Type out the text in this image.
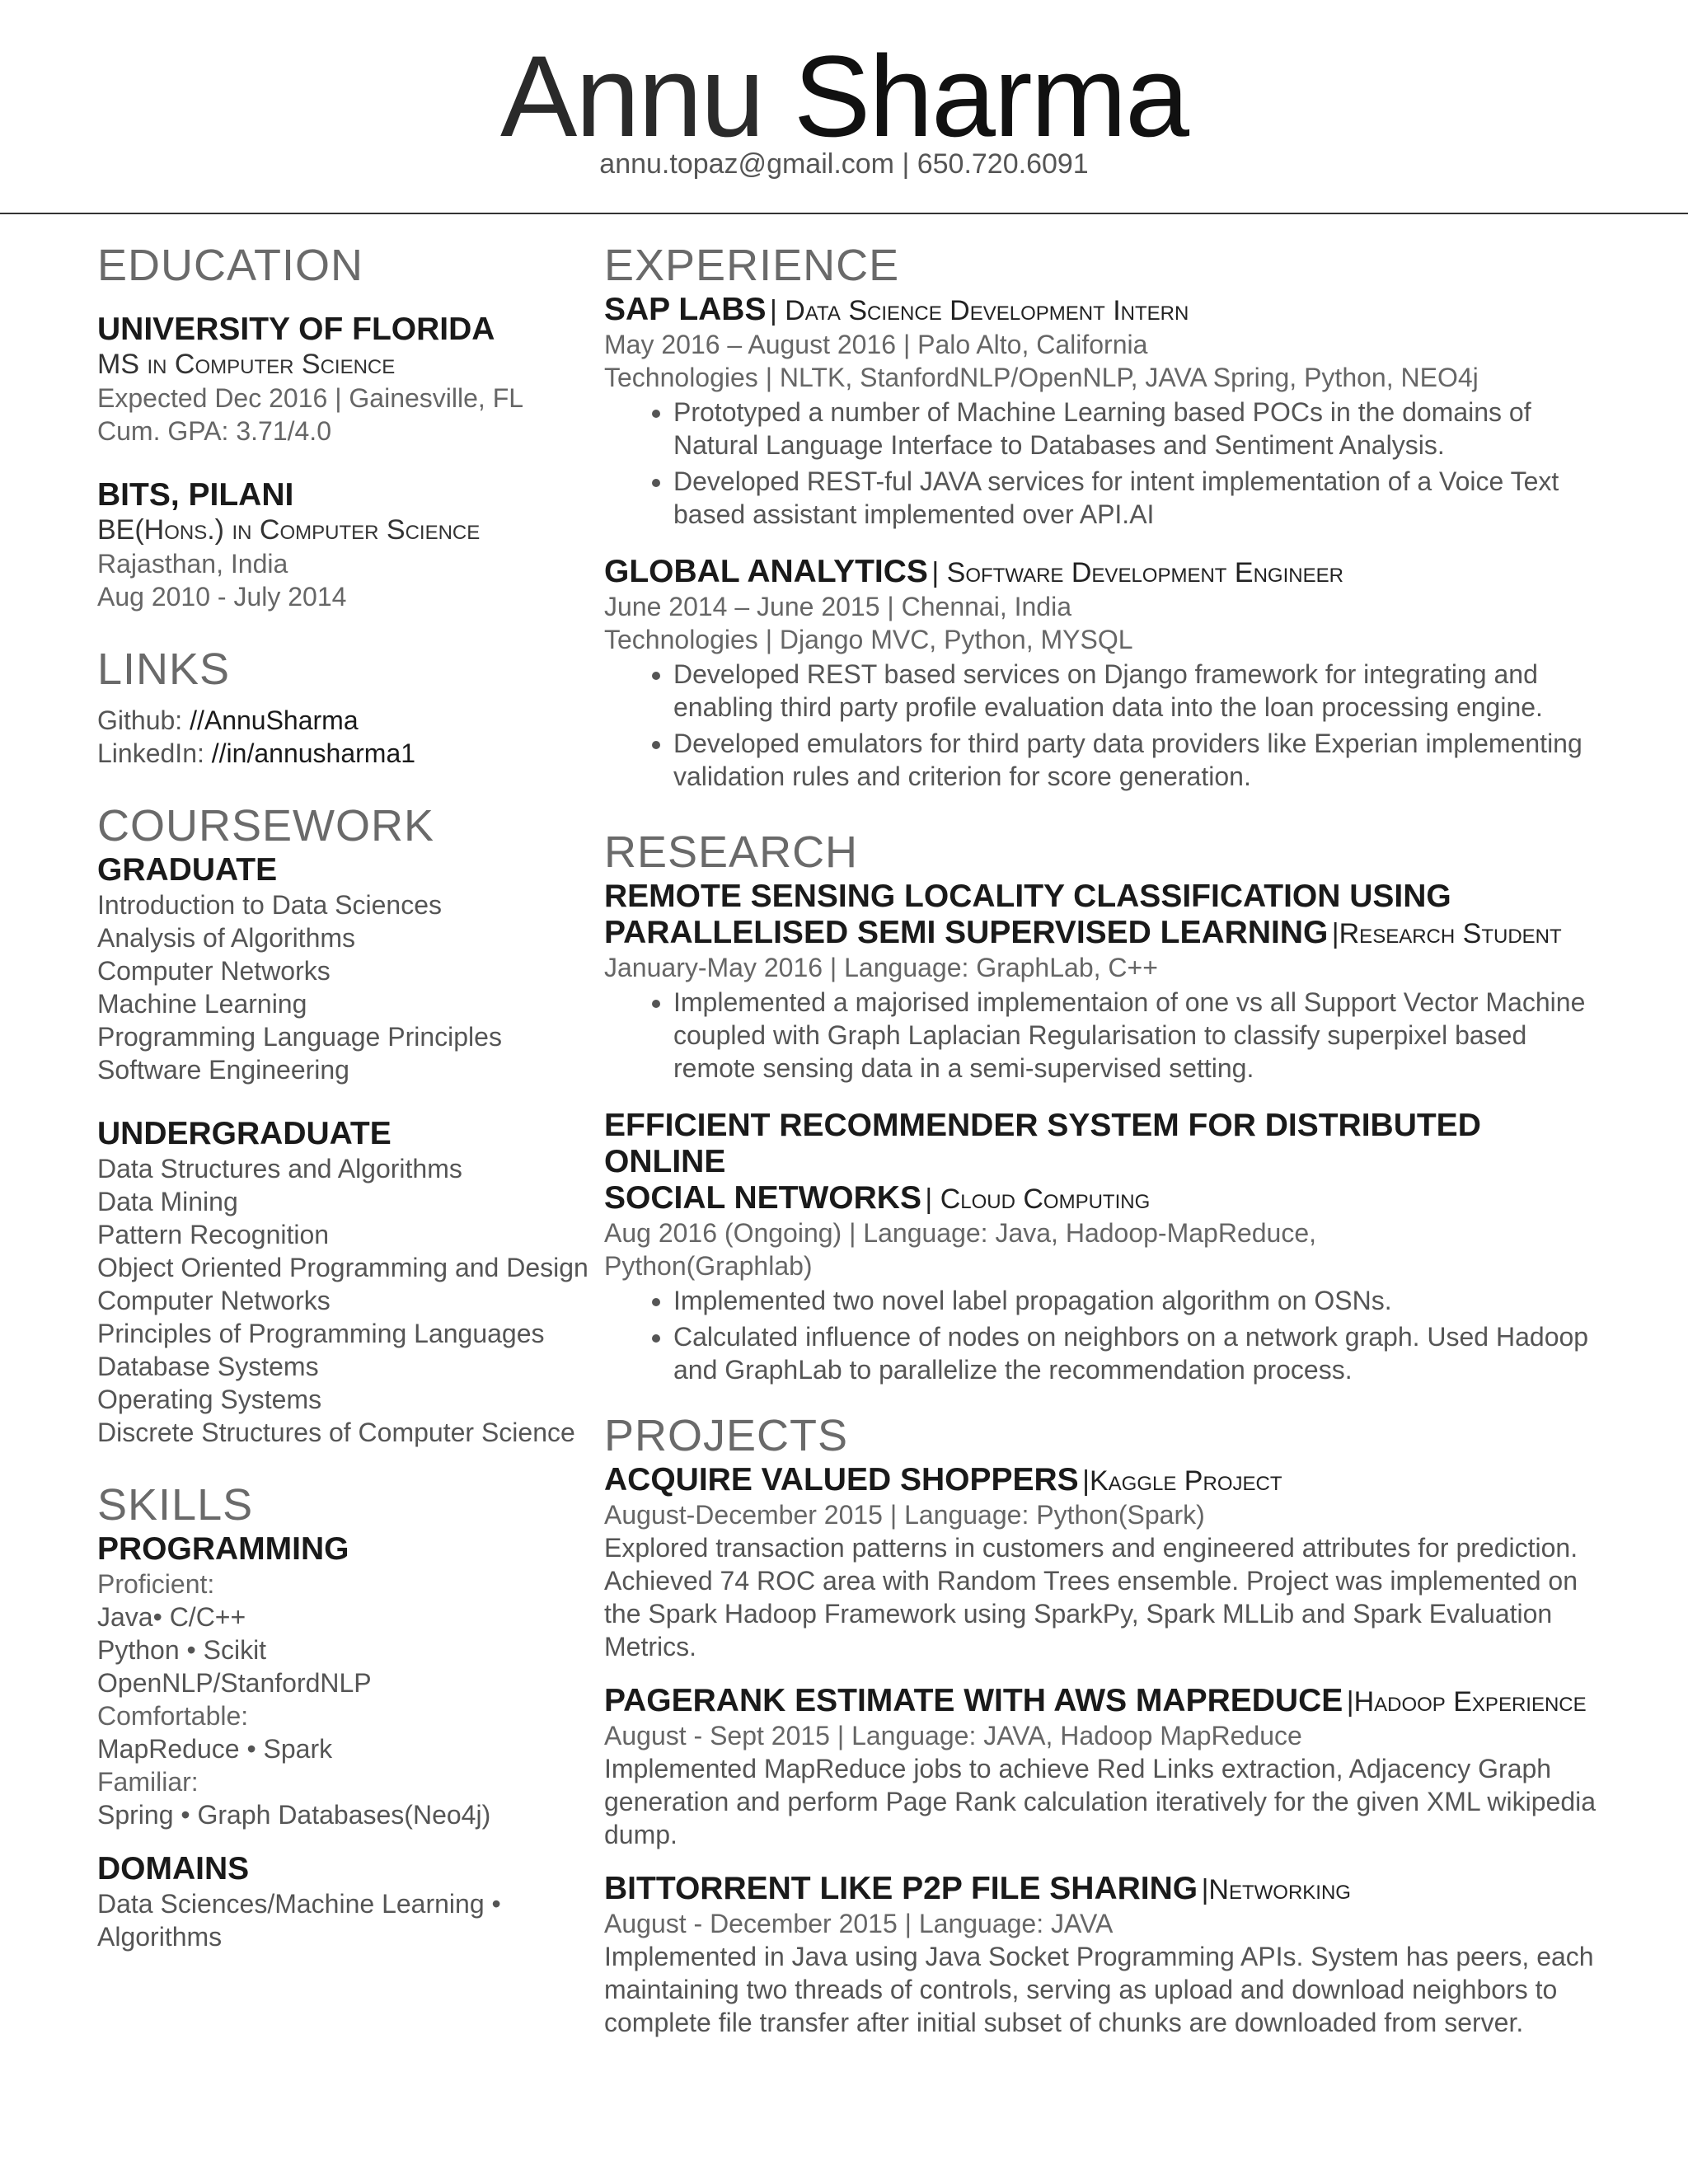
Annu Sharma
annu.topaz@gmail.com | 650.720.6091
EDUCATION
UNIVERSITY OF FLORIDA
MS in Computer Science
Expected Dec 2016 | Gainesville, FL
Cum. GPA: 3.71/4.0
BITS, PILANI
BE(Hons.) in Computer Science
Rajasthan, India
Aug 2010 - July 2014
LINKS
Github: //AnnuSharma
LinkedIn: //in/annusharma1
COURSEWORK
GRADUATE
Introduction to Data Sciences
Analysis of Algorithms
Computer Networks
Machine Learning
Programming Language Principles
Software Engineering
UNDERGRADUATE
Data Structures and Algorithms
Data Mining
Pattern Recognition
Object Oriented Programming and Design
Computer Networks
Principles of Programming Languages
Database Systems
Operating Systems
Discrete Structures of Computer Science
SKILLS
PROGRAMMING
Proficient:
Java• C/C++
Python • Scikit
OpenNLP/StanfordNLP
Comfortable:
MapReduce • Spark
Familiar:
Spring • Graph Databases(Neo4j)
DOMAINS
Data Sciences/Machine Learning •
Algorithms
EXPERIENCE
SAP LABS | Data Science Development Intern
May 2016 – August 2016 | Palo Alto, California
Technologies | NLTK, StanfordNLP/OpenNLP, JAVA Spring, Python, NEO4j
• Prototyped a number of Machine Learning based POCs in the domains of Natural Language Interface to Databases and Sentiment Analysis.
• Developed REST-ful JAVA services for intent implementation of a Voice Text based assistant implemented over API.AI
GLOBAL ANALYTICS | Software Development Engineer
June 2014 – June 2015 | Chennai, India
Technologies | Django MVC, Python, MYSQL
• Developed REST based services on Django framework for integrating and enabling third party profile evaluation data into the loan processing engine.
• Developed emulators for third party data providers like Experian implementing validation rules and criterion for score generation.
RESEARCH
REMOTE SENSING LOCALITY CLASSIFICATION USING
PARALLELISED SEMI SUPERVISED LEARNING |Research Student
January-May 2016 | Language: GraphLab, C++
• Implemented a majorised implementaion of one vs all Support Vector Machine coupled with Graph Laplacian Regularisation to classify superpixel based remote sensing data in a semi-supervised setting.
EFFICIENT RECOMMENDER SYSTEM FOR DISTRIBUTED ONLINE
SOCIAL NETWORKS | Cloud Computing
Aug 2016 (Ongoing) | Language: Java, Hadoop-MapReduce,
Python(Graphlab)
• Implemented two novel label propagation algorithm on OSNs.
• Calculated influence of nodes on neighbors on a network graph. Used Hadoop and GraphLab to parallelize the recommendation process.
PROJECTS
ACQUIRE VALUED SHOPPERS |Kaggle Project
August-December 2015 | Language: Python(Spark)
Explored transaction patterns in customers and engineered attributes for prediction. Achieved 74 ROC area with Random Trees ensemble. Project was implemented on the Spark Hadoop Framework using SparkPy, Spark MLLib and Spark Evaluation Metrics.
PAGERANK ESTIMATE WITH AWS MAPREDUCE |Hadoop Experience
August - Sept 2015 | Language: JAVA, Hadoop MapReduce
Implemented MapReduce jobs to achieve Red Links extraction, Adjacency Graph generation and perform Page Rank calculation iteratively for the given XML wikipedia dump.
BITTORRENT LIKE P2P FILE SHARING |Networking
August - December 2015 | Language: JAVA
Implemented in Java using Java Socket Programming APIs. System has peers, each maintaining two threads of controls, serving as upload and download neighbors to complete file transfer after initial subset of chunks are downloaded from server.
